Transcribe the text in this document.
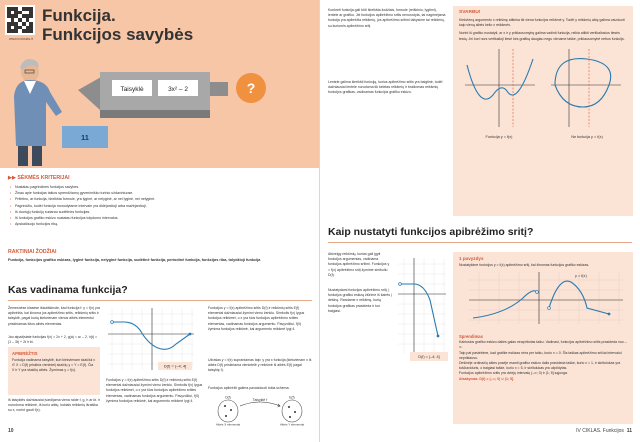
www.mokslas.lt
Funkcija.
Funkcijos savybės
Taisyklė	3x² – 2
11
?
▶▶ SĖKMĖS KRITERIJAI
• Nustatau pagrindines funkcijos savybes.
• Žinau apie funkcijas taikos sprendžiamų gyvenimiško turinio uždaviniuose.
• Pritirtinu, ar funkcija, išreikšta formule, yra lyginė, ar nelyginė, ar nei lyginė, nei nelyginė.
• Pagrindžiu, kodėl funkcija monodytame intervale yra didėjančioji arba mažėjančioji.
• Iš duotųjų funkcijų sudarau sudėtines funkcijas.
• Iš funkcijos grafiko eskizo nustatau funkcijos tolydumo intervalus.
• Apskaičiuoju funkcijos ribą.
RAKTINIAI ŽODŽIAI
Funkcija, funkcijos grafiko eskizas, lyginė funkcija, nelyginė funkcija, sudėtinė funkcija, periodinė funkcija, funkcijos riba, tolydžioji funkcija
Kas vadinama funkcija?
Žemesnėse klasėse išsiaiškinote, kad funkcija f: y = f(x) yra apibrėžta, kai žinoma jos apibrėžimo sritis, reikšmių sritis ir taisyklė, pagal kurią kiekvienam vienos aibės elementui priskiriamas kitos aibės elementas.
Jau atpažįstate funkcijas f(x) = 2x + 2, g(a) = a² – 2, h(t) = (1 – 3t) + 2t ir kt.
APIBRĖŽTIS
Funkcija vadinama taisyklė, kuri kiekvienam skaičiui x ∈ X = D(f) priskiria vienintelį skaičių y = Y = E(f). Čia X ir Y yra skaičių aibės. Žymimas y = f(x).
Iš taisyklės dažniausiai įvardijama viena raide f, g, h ar kt. ir nurodoma reikšmė, iš kurio aibių, kokiais reikšmių išraiška su x, norint gauti f(x).
D(f) = (–4; 4]
Funkcijos y = f(x) apibrėžimo sritis D(f) ir reikšmių sritis E(f) elementai dažniausiai žymimi vienu ženklu. Simbolis f(x) lygus funkcijos reikšmei, o x yra šios funkcijos apibrėžimo srities elementas, vadinamas funkcijos argumentu. Pavyzdžiui, f(0) žymima funkcijos reikšmė, kai argumento reikšmė lygi 4.
Funkcijos y = f(x) apibrėžimo sritis D(f) ir reikšmių sritis E(f) elementai dažniausiai žymimi vienu ženklu. Simbolis f(x) lygus funkcijos reikšmei, o x yra šios funkcijos apibrėžimo srities elementas, vadinamas funkcijos argumentu. Pavyzdžiui, f(0) žymima funkcijos reikšmė, kai argumento reikšmė lygi 4.
Užrašas y = f(x) suprantamas taip: y yra x funkcija (kiekvienam x iš aibės D(f) priskiriama vienintelė y reikšmė iš aibės E(f) pagal taisyklę f).
Funkcijos apibrėžti galima pavaizduoti tokia schema.
Taisyklė f
D(f)	E(f)
Aibės X elementai	Aibės Y elementai
10
Konkreti funkcija gali būti išreikšta žodžiais, formule (reiškiniu, lygtimi), lentele ar grafiku. Jei funkcijos apibrėžimo sritis nenurodyta, tai nagrinėjama funkcija yra apibrėžta reikšmių, jos apibrėžimo sritimi laikysime tai reikšmių, su kuriomis apibrėžimo sritį.
Lentele galima išreikšti funkciją, kurios apibrėžimo sritis yra baigtinė, todėl dažniausiai lentele nurodoma tik keletas reikšmių ir braižomas reikšmių funkcijos grafikas, vadinamas funkcijos grafiko eskizu.
SVARBU!
Kiekvieną argumento x reikšmę atitinka tik viena funkcijos reikšmė y. Todėl y reikšmių aibę galima vaizduoti kaip vieną aibės kelio x reikšmės.
Norint iš grafiko nustatyti, ar x ir y priklausomybę galima vadinti funkcija, reikia atlikti vertikaliosios tiesės testą. Jei kuri nors vertikalioji tiesė kirs grafiką daugiau negu viename taške, priklausomybė nebus funkcija.
Funkcija y = f(x)	Ne funkcija y = f(x)
Kaip nustatyti funkcijos apibrėžimo sritį?
Atšvelgę reikšmių, kurias gali įgyti funkcijos argumentas, vadinama funkcijos apibrėžimo sritimi. Funkcijos y = f(x) apibrėžimo sritį žymime simboliu D(f).
Nustatydami funkcijos apibrėžimo sritį, į funkcijos grafiko eskizą žiūrime iš kairės į dešinę. Randame x reikšmę, kurią funkcijos grafikas prasideda ir kur baigiasi.
D(f) = (–4; 4]
1 pavyzdys
Nustatykime funkcijos y = f(x) apibrėžimo sritį, kai žinomas funkcijos grafiko eskizas.
y = f(x)
Sprendimas
Kairiosios grafiko eskizo dalies galas neapribotas taiku. Vadinasi, funkcijos apibrėžimo sritis prasideda nuo –∞.
Taip pat pastebime, kad grafike eskizas nėra per taiku, kurio x = 0. Šis taškas apibrėžimo sričiai intervalui nepriklauso.
Dešinėje ordinačių ašies pusėje esanti grafiko eskizo dalis prasideda taške, kurio x = 1, ir skritulukas yra tuščiaviduris, o baigiasi taške, kurio x = 5, ir skritulukas yra užpildytas.
Funkcijos apibrėžimo sritis yra dviejų intervalų (–∞; 0) ir (1; 5] sąjunga.
Atsakymas. D(f) = (–∞; 0) ∪ (1; 5].
IV CIKLAS. Funkcijos 11
